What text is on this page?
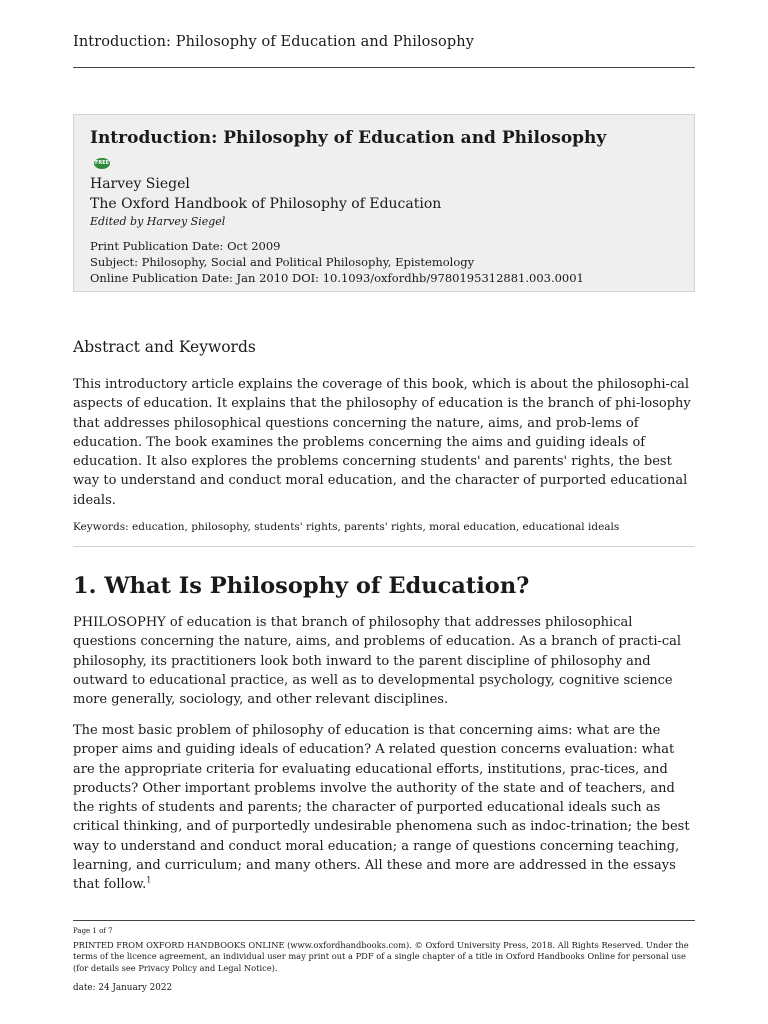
Introduction: Philosophy of Education and Philosophy
Introduction: Philosophy of Education and Philosophy
FREE
Harvey Siegel
The Oxford Handbook of Philosophy of Education
Edited by Harvey Siegel
Print Publication Date: Oct 2009
Subject: Philosophy, Social and Political Philosophy, Epistemology
Online Publication Date: Jan 2010 DOI: 10.1093/oxfordhb/9780195312881.003.0001
Abstract and Keywords

This introductory article explains the coverage of this book, which is about the philosophi-cal aspects of education. It explains that the philosophy of education is the branch of phi-losophy that addresses philosophical questions concerning the nature, aims, and prob-lems of education. The book examines the problems concerning the aims and guiding ideals of education. It also explores the problems concerning students' and parents' rights, the best way to understand and conduct moral education, and the character of purported educational ideals.

Keywords: education, philosophy, students' rights, parents' rights, moral education, educational ideals
1. What Is Philosophy of Education?

PHILOSOPHY of education is that branch of philosophy that addresses philosophical questions concerning the nature, aims, and problems of education. As a branch of practi-cal philosophy, its practitioners look both inward to the parent discipline of philosophy and outward to educational practice, as well as to developmental psychology, cognitive science more generally, sociology, and other relevant disciplines.

The most basic problem of philosophy of education is that concerning aims: what are the proper aims and guiding ideals of education? A related question concerns evaluation: what are the appropriate criteria for evaluating educational efforts, institutions, prac-tices, and products? Other important problems involve the authority of the state and of teachers, and the rights of students and parents; the character of purported educational ideals such as critical thinking, and of purportedly undesirable phenomena such as indoc-trination; the best way to understand and conduct moral education; a range of questions concerning teaching, learning, and curriculum; and many others. All these and more are addressed in the essays that follow.$^1$

Page 1 of 7

PRINTED FROM OXFORD HANDBOOKS ONLINE (www.oxfordhandbooks.com). © Oxford University Press, 2018. All Rights Reserved. Under the terms of the licence agreement, an individual user may print out a PDF of a single chapter of a title in Oxford Handbooks Online for personal use (for details see Privacy Policy and Legal Notice).

date: 24 January 2022
